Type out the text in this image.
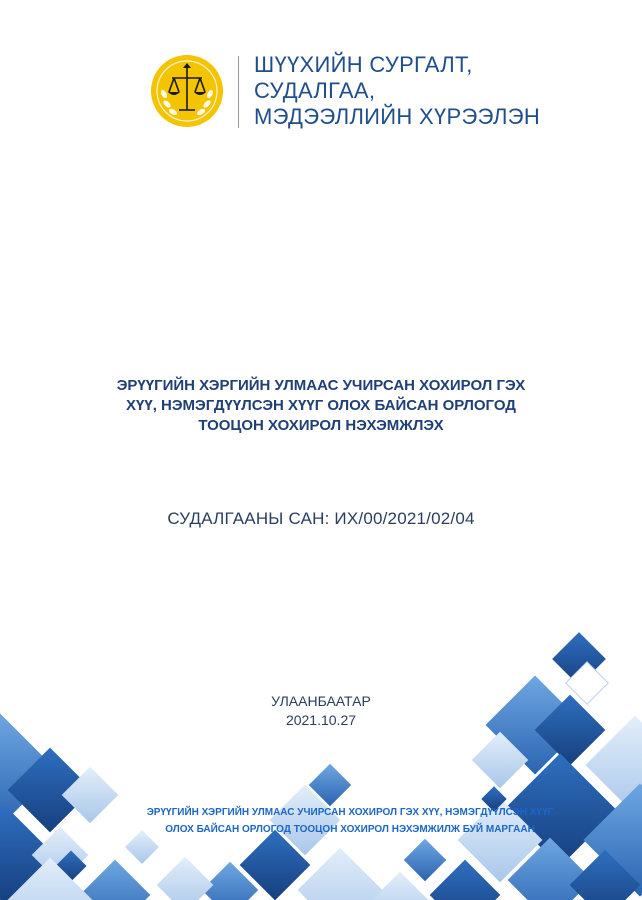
ШҮҮХИЙН СУРГАЛТ,
СУДАЛГАА,
МЭДЭЭЛЛИЙН ХҮРЭЭЛЭН
ЭРҮҮГИЙН ХЭРГИЙН УЛМААС УЧИРСАН ХОХИРОЛ ГЭХ
ХҮҮ, НЭМЭГДҮҮЛСЭН ХҮҮГ ОЛОХ БАЙСАН ОРЛОГОД
ТООЦОН ХОХИРОЛ НЭХЭМЖЛЭХ
СУДАЛГААНЫ САН: ИХ/00/2021/02/04
УЛААНБААТАР
2021.10.27
ЭРҮҮГИЙН ХЭРГИЙН УЛМААС УЧИРСАН ХОХИРОЛ ГЭХ ХҮҮ, НЭМЭГДҮҮЛСЭН ХҮҮГ
ОЛОХ БАЙСАН ОРЛОГОД ТООЦОН ХОХИРОЛ НЭХЭМЖИЛЖ БУЙ МАРГААН
